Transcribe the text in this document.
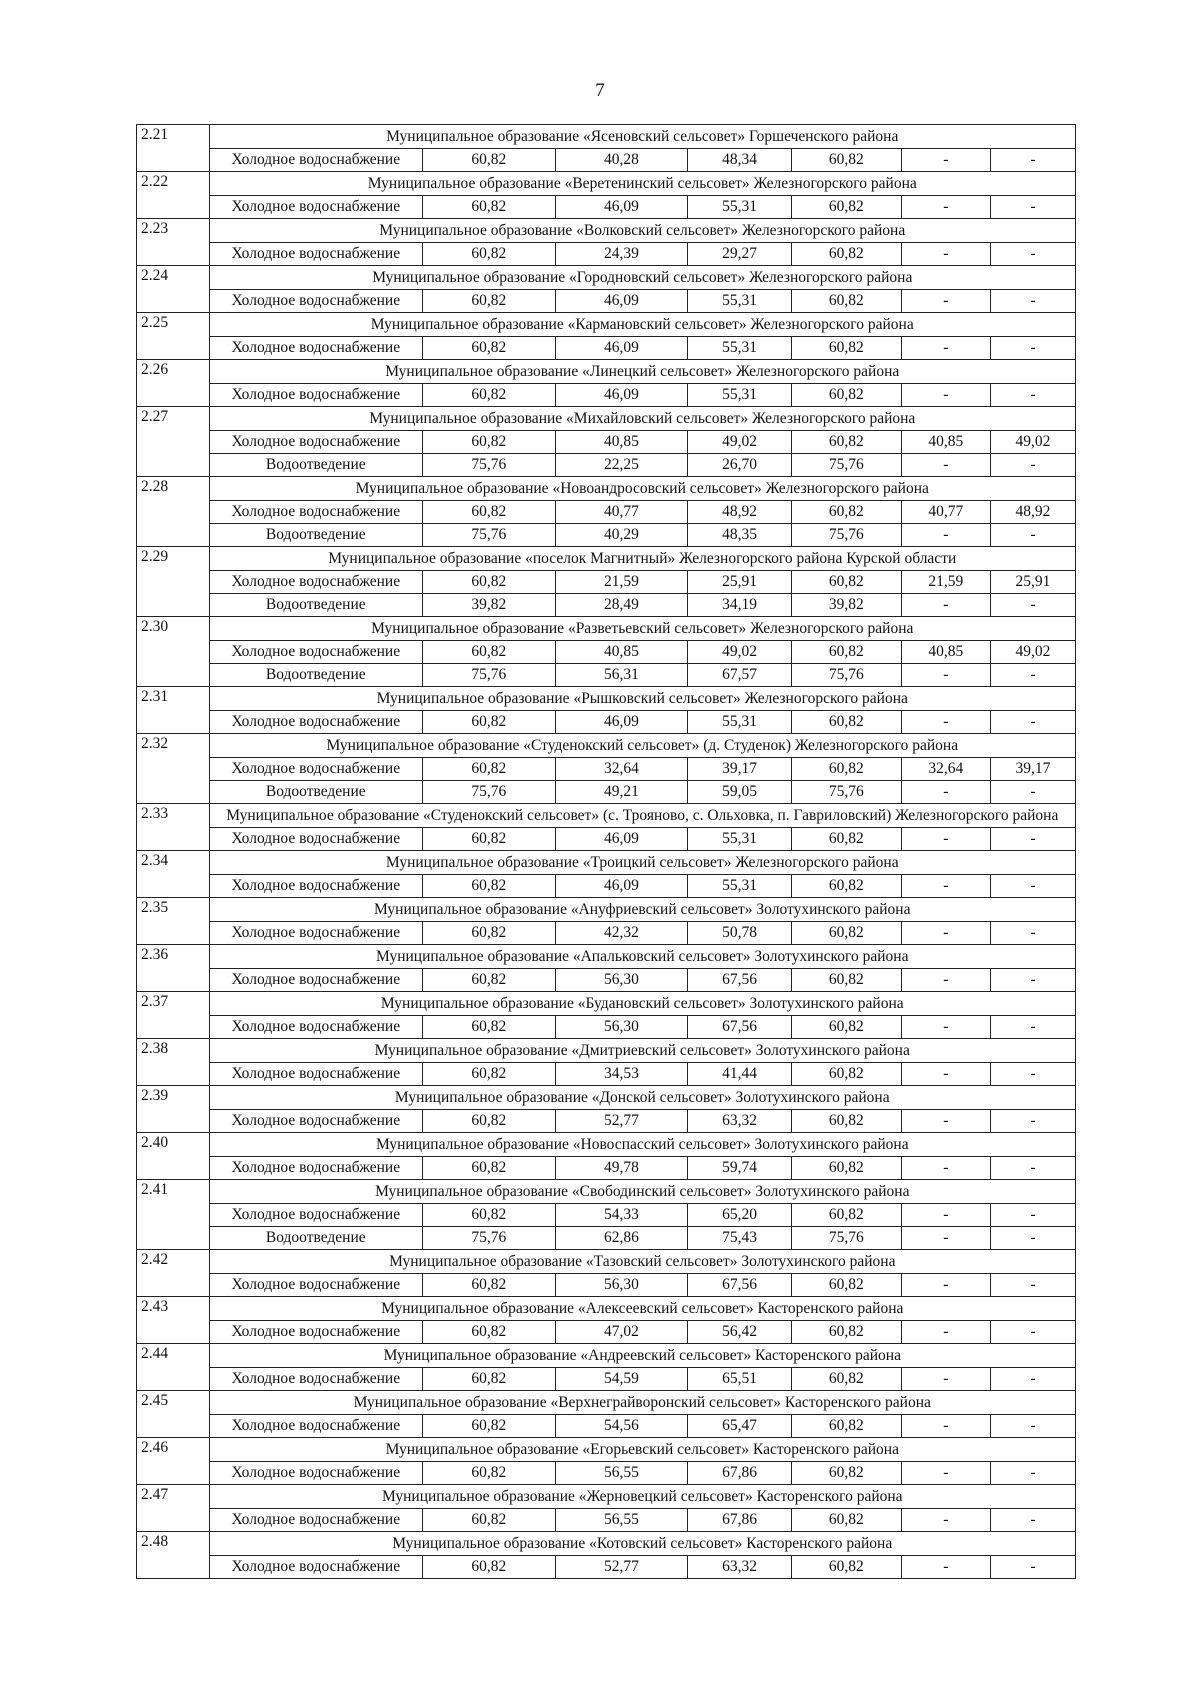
7
2.21	Муниципальное образование «Ясеновский сельсовет» Горшеченского района						
	Холодное водоснабжение	60,82	40,28	48,34	60,82	-	-
2.22	Муниципальное образование «Веретенинский сельсовет» Железногорского района						
	Холодное водоснабжение	60,82	46,09	55,31	60,82	-	-
2.23	Муниципальное образование «Волковский сельсовет» Железногорского района						
	Холодное водоснабжение	60,82	24,39	29,27	60,82	-	-
2.24	Муниципальное образование «Городновский сельсовет» Железногорского района						
	Холодное водоснабжение	60,82	46,09	55,31	60,82	-	-
2.25	Муниципальное образование «Кармановский сельсовет» Железногорского района						
	Холодное водоснабжение	60,82	46,09	55,31	60,82	-	-
2.26	Муниципальное образование «Линецкий сельсовет» Железногорского района						
	Холодное водоснабжение	60,82	46,09	55,31	60,82	-	-
2.27	Муниципальное образование «Михайловский сельсовет» Железногорского района						
	Холодное водоснабжение	60,82	40,85	49,02	60,82	40,85	49,02
	Водоотведение	75,76	22,25	26,70	75,76	-	-
2.28	Муниципальное образование «Новоандросовский сельсовет» Железногорского района						
	Холодное водоснабжение	60,82	40,77	48,92	60,82	40,77	48,92
	Водоотведение	75,76	40,29	48,35	75,76	-	-
2.29	Муниципальное образование «поселок Магнитный» Железногорского района Курской области						
	Холодное водоснабжение	60,82	21,59	25,91	60,82	21,59	25,91
	Водоотведение	39,82	28,49	34,19	39,82	-	-
2.30	Муниципальное образование «Разветьевский сельсовет» Железногорского района						
	Холодное водоснабжение	60,82	40,85	49,02	60,82	40,85	49,02
	Водоотведение	75,76	56,31	67,57	75,76	-	-
2.31	Муниципальное образование «Рышковский сельсовет» Железногорского района						
	Холодное водоснабжение	60,82	46,09	55,31	60,82	-	-
2.32	Муниципальное образование «Студенокский сельсовет» (д. Студенок) Железногорского района						
	Холодное водоснабжение	60,82	32,64	39,17	60,82	32,64	39,17
	Водоотведение	75,76	49,21	59,05	75,76	-	-
2.33	Муниципальное образование «Студенокский сельсовет» (с. Трояново, с. Ольховка, п. Гавриловский) Железногорского района						
	Холодное водоснабжение	60,82	46,09	55,31	60,82	-	-
2.34	Муниципальное образование «Троицкий сельсовет» Железногорского района						
	Холодное водоснабжение	60,82	46,09	55,31	60,82	-	-
2.35	Муниципальное образование «Ануфриевский сельсовет» Золотухинского района						
	Холодное водоснабжение	60,82	42,32	50,78	60,82	-	-
2.36	Муниципальное образование «Апальковский сельсовет» Золотухинского района						
	Холодное водоснабжение	60,82	56,30	67,56	60,82	-	-
2.37	Муниципальное образование «Будановский сельсовет» Золотухинского района						
	Холодное водоснабжение	60,82	56,30	67,56	60,82	-	-
2.38	Муниципальное образование «Дмитриевский сельсовет» Золотухинского района						
	Холодное водоснабжение	60,82	34,53	41,44	60,82	-	-
2.39	Муниципальное образование «Донской сельсовет» Золотухинского района						
	Холодное водоснабжение	60,82	52,77	63,32	60,82	-	-
2.40	Муниципальное образование «Новоспасский сельсовет» Золотухинского района						
	Холодное водоснабжение	60,82	49,78	59,74	60,82	-	-
2.41	Муниципальное образование «Свободинский сельсовет» Золотухинского района						
	Холодное водоснабжение	60,82	54,33	65,20	60,82	-	-
	Водоотведение	75,76	62,86	75,43	75,76	-	-
2.42	Муниципальное образование «Тазовский сельсовет» Золотухинского района						
	Холодное водоснабжение	60,82	56,30	67,56	60,82	-	-
2.43	Муниципальное образование «Алексеевский сельсовет» Касторенского района						
	Холодное водоснабжение	60,82	47,02	56,42	60,82	-	-
2.44	Муниципальное образование «Андреевский сельсовет» Касторенского района						
	Холодное водоснабжение	60,82	54,59	65,51	60,82	-	-
2.45	Муниципальное образование «Верхнеграйворонский сельсовет» Касторенского района						
	Холодное водоснабжение	60,82	54,56	65,47	60,82	-	-
2.46	Муниципальное образование «Егорьевский сельсовет» Касторенского района						
	Холодное водоснабжение	60,82	56,55	67,86	60,82	-	-
2.47	Муниципальное образование «Жерновецкий сельсовет» Касторенского района						
	Холодное водоснабжение	60,82	56,55	67,86	60,82	-	-
2.48	Муниципальное образование «Котовский сельсовет» Касторенского района						
	Холодное водоснабжение	60,82	52,77	63,32	60,82	-	-
